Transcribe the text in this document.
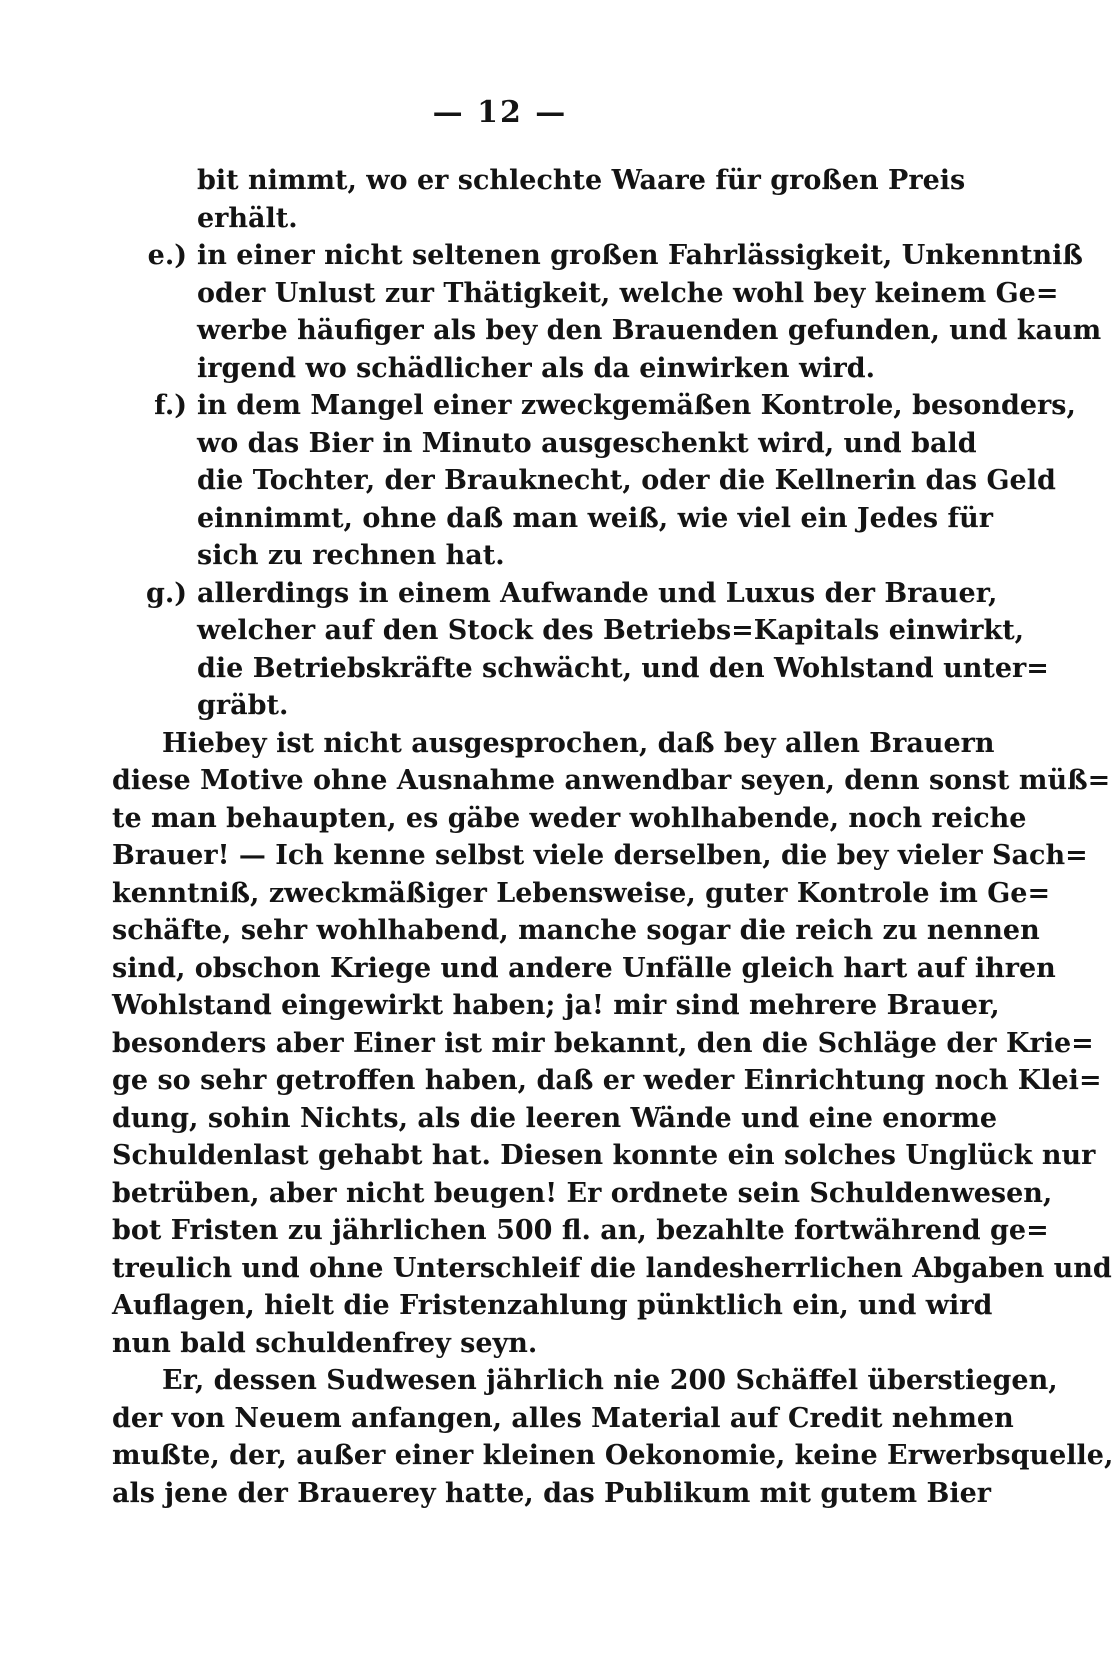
— 12 —
bit nimmt, wo er schlechte Waare für großen Preis
erhält.
e.) in einer nicht seltenen großen Fahrlässigkeit, Unkenntniß
oder Unlust zur Thätigkeit, welche wohl bey keinem Ge=
werbe häufiger als bey den Brauenden gefunden, und kaum
irgend wo schädlicher als da einwirken wird.
f.) in dem Mangel einer zweckgemäßen Kontrole, besonders,
wo das Bier in Minuto ausgeschenkt wird, und bald
die Tochter, der Brauknecht, oder die Kellnerin das Geld
einnimmt, ohne daß man weiß, wie viel ein Jedes für
sich zu rechnen hat.
g.) allerdings in einem Aufwande und Luxus der Brauer,
welcher auf den Stock des Betriebs=Kapitals einwirkt,
die Betriebskräfte schwächt, und den Wohlstand unter=
gräbt.
Hiebey ist nicht ausgesprochen, daß bey allen Brauern
diese Motive ohne Ausnahme anwendbar seyen, denn sonst müß=
te man behaupten, es gäbe weder wohlhabende, noch reiche
Brauer! — Ich kenne selbst viele derselben, die bey vieler Sach=
kenntniß, zweckmäßiger Lebensweise, guter Kontrole im Ge=
schäfte, sehr wohlhabend, manche sogar die reich zu nennen
sind, obschon Kriege und andere Unfälle gleich hart auf ihren
Wohlstand eingewirkt haben; ja! mir sind mehrere Brauer,
besonders aber Einer ist mir bekannt, den die Schläge der Krie=
ge so sehr getroffen haben, daß er weder Einrichtung noch Klei=
dung, sohin Nichts, als die leeren Wände und eine enorme
Schuldenlast gehabt hat. Diesen konnte ein solches Unglück nur
betrüben, aber nicht beugen! Er ordnete sein Schuldenwesen,
bot Fristen zu jährlichen 500 fl. an, bezahlte fortwährend ge=
treulich und ohne Unterschleif die landesherrlichen Abgaben und
Auflagen, hielt die Fristenzahlung pünktlich ein, und wird
nun bald schuldenfrey seyn.
Er, dessen Sudwesen jährlich nie 200 Schäffel überstiegen,
der von Neuem anfangen, alles Material auf Credit nehmen
mußte, der, außer einer kleinen Oekonomie, keine Erwerbsquelle,
als jene der Brauerey hatte, das Publikum mit gutem Bier
